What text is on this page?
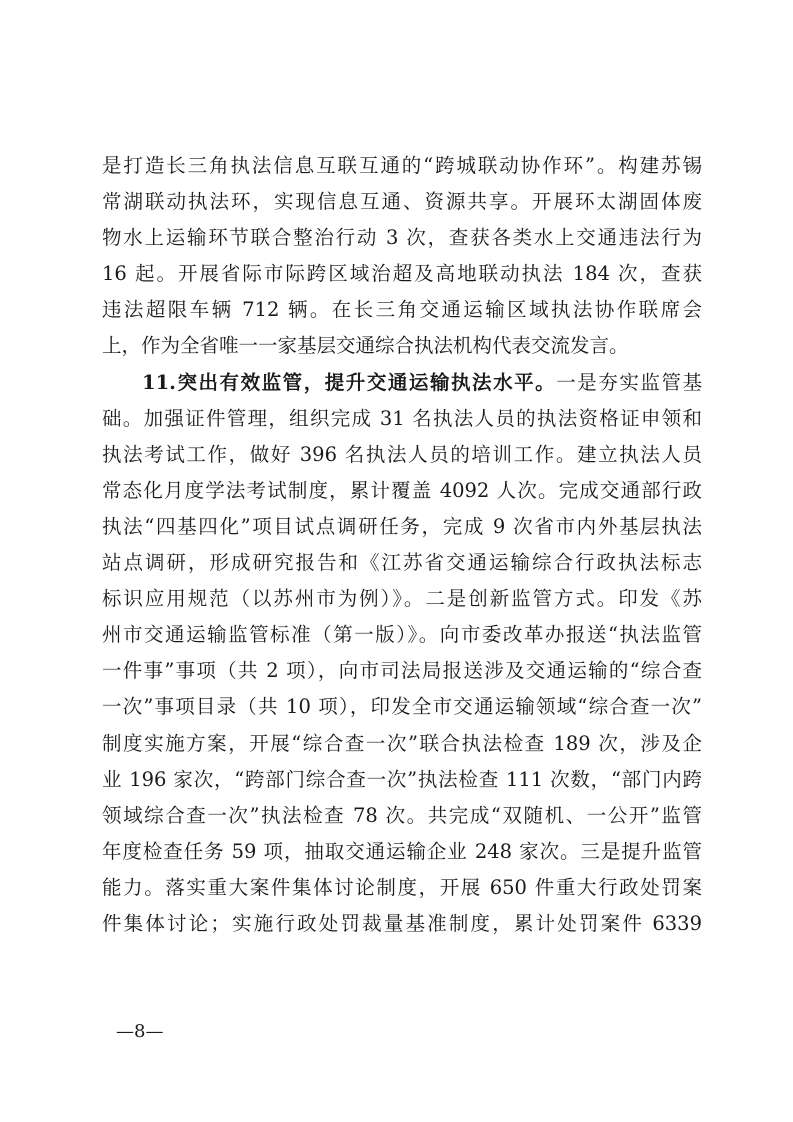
是打造长三角执法信息互联互通的“跨城联动协作环”。构建苏锡
常湖联动执法环，实现信息互通、资源共享。开展环太湖固体废
物水上运输环节联合整治行动 3 次，查获各类水上交通违法行为
16 起。开展省际市际跨区域治超及高地联动执法 184 次，查获
违法超限车辆 712 辆。在长三角交通运输区域执法协作联席会
上，作为全省唯一一家基层交通综合执法机构代表交流发言。
11.突出有效监管，提升交通运输执法水平。一是夯实监管基
础。加强证件管理，组织完成 31 名执法人员的执法资格证申领和
执法考试工作，做好 396 名执法人员的培训工作。建立执法人员
常态化月度学法考试制度，累计覆盖 4092 人次。完成交通部行政
执法“四基四化”项目试点调研任务，完成 9 次省市内外基层执法
站点调研，形成研究报告和《江苏省交通运输综合行政执法标志
标识应用规范（以苏州市为例）》。二是创新监管方式。印发《苏
州市交通运输监管标准（第一版）》。向市委改革办报送“执法监管
一件事”事项（共 2 项），向市司法局报送涉及交通运输的“综合查
一次”事项目录（共 10 项），印发全市交通运输领域“综合查一次”
制度实施方案，开展“综合查一次”联合执法检查 189 次，涉及企
业 196 家次，“跨部门综合查一次”执法检查 111 次数，“部门内跨
领域综合查一次”执法检查 78 次。共完成“双随机、一公开”监管
年度检查任务 59 项，抽取交通运输企业 248 家次。三是提升监管
能力。落实重大案件集体讨论制度，开展 650 件重大行政处罚案
件集体讨论；实施行政处罚裁量基准制度，累计处罚案件 6339
—8—
